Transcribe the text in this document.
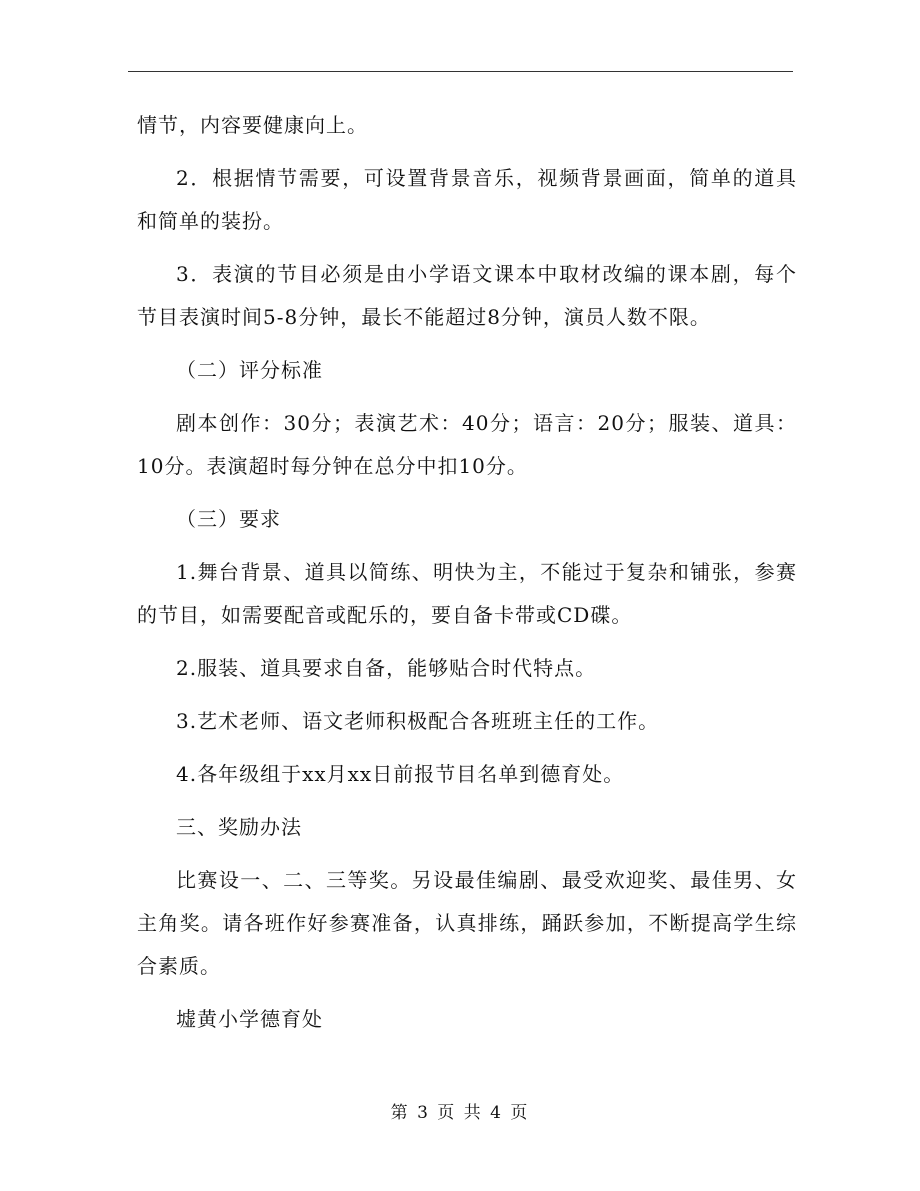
情节，内容要健康向上。

2．根据情节需要，可设置背景音乐，视频背景画面，简单的道具和简单的装扮。

3．表演的节目必须是由小学语文课本中取材改编的课本剧，每个节目表演时间5-8分钟，最长不能超过8分钟，演员人数不限。

（二）评分标准

剧本创作：30分；表演艺术：40分；语言：20分；服装、道具：10分。表演超时每分钟在总分中扣10分。

（三）要求

1.舞台背景、道具以简练、明快为主，不能过于复杂和铺张，参赛的节目，如需要配音或配乐的，要自备卡带或CD碟。

2.服装、道具要求自备，能够贴合时代特点。

3.艺术老师、语文老师积极配合各班班主任的工作。

4.各年级组于xx月xx日前报节目名单到德育处。

三、奖励办法

比赛设一、二、三等奖。另设最佳编剧、最受欢迎奖、最佳男、女主角奖。请各班作好参赛准备，认真排练，踊跃参加，不断提高学生综合素质。

墟黄小学德育处

第 3 页 共 4 页
